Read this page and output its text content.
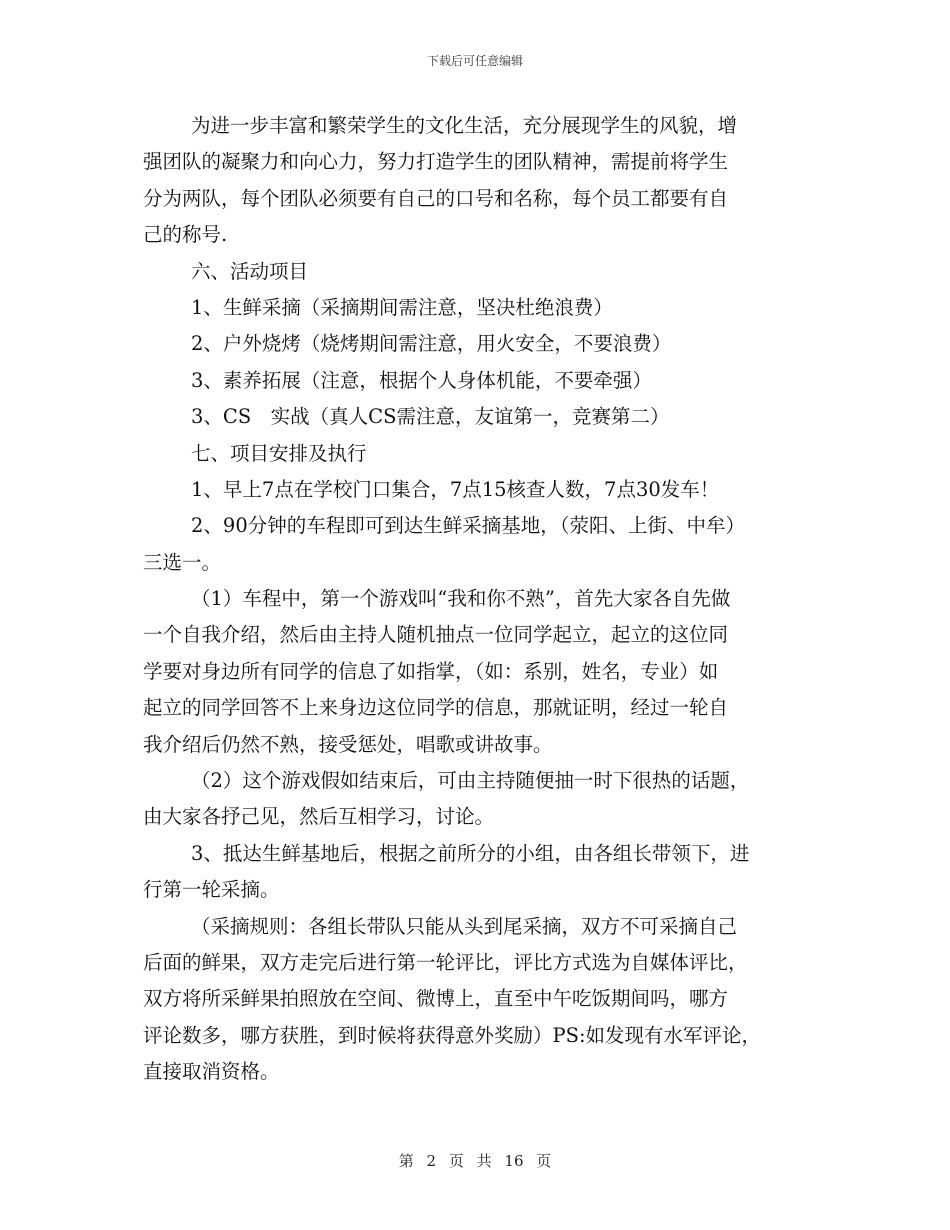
下载后可任意编辑
为进一步丰富和繁荣学生的文化生活，充分展现学生的风貌，增
强团队的凝聚力和向心力，努力打造学生的团队精神，需提前将学生
分为两队，每个团队必须要有自己的口号和名称，每个员工都要有自
己的称号.
六、活动项目
1、生鲜采摘（采摘期间需注意，坚决杜绝浪费）
2、户外烧烤（烧烤期间需注意，用火安全，不要浪费）
3、素养拓展（注意，根据个人身体机能，不要牵强）
3、CS　实战（真人CS需注意，友谊第一，竞赛第二）
七、项目安排及执行
1、早上7点在学校门口集合，7点15核查人数，7点30发车！
2、90分钟的车程即可到达生鲜采摘基地，（荥阳、上街、中牟）
三选一。
（1）车程中，第一个游戏叫“我和你不熟”，首先大家各自先做
一个自我介绍，然后由主持人随机抽点一位同学起立，起立的这位同
学要对身边所有同学的信息了如指掌，（如：系别，姓名，专业）如
起立的同学回答不上来身边这位同学的信息，那就证明，经过一轮自
我介绍后仍然不熟，接受惩处，唱歌或讲故事。
（2）这个游戏假如结束后，可由主持随便抽一时下很热的话题，
由大家各抒己见，然后互相学习，讨论。
3、抵达生鲜基地后，根据之前所分的小组，由各组长带领下，进
行第一轮采摘。
（采摘规则：各组长带队只能从头到尾采摘，双方不可采摘自己
后面的鲜果，双方走完后进行第一轮评比，评比方式选为自媒体评比，
双方将所采鲜果拍照放在空间、微博上，直至中午吃饭期间吗，哪方
评论数多，哪方获胜，到时候将获得意外奖励）PS:如发现有水军评论，
直接取消资格。
第 2 页 共 16 页
